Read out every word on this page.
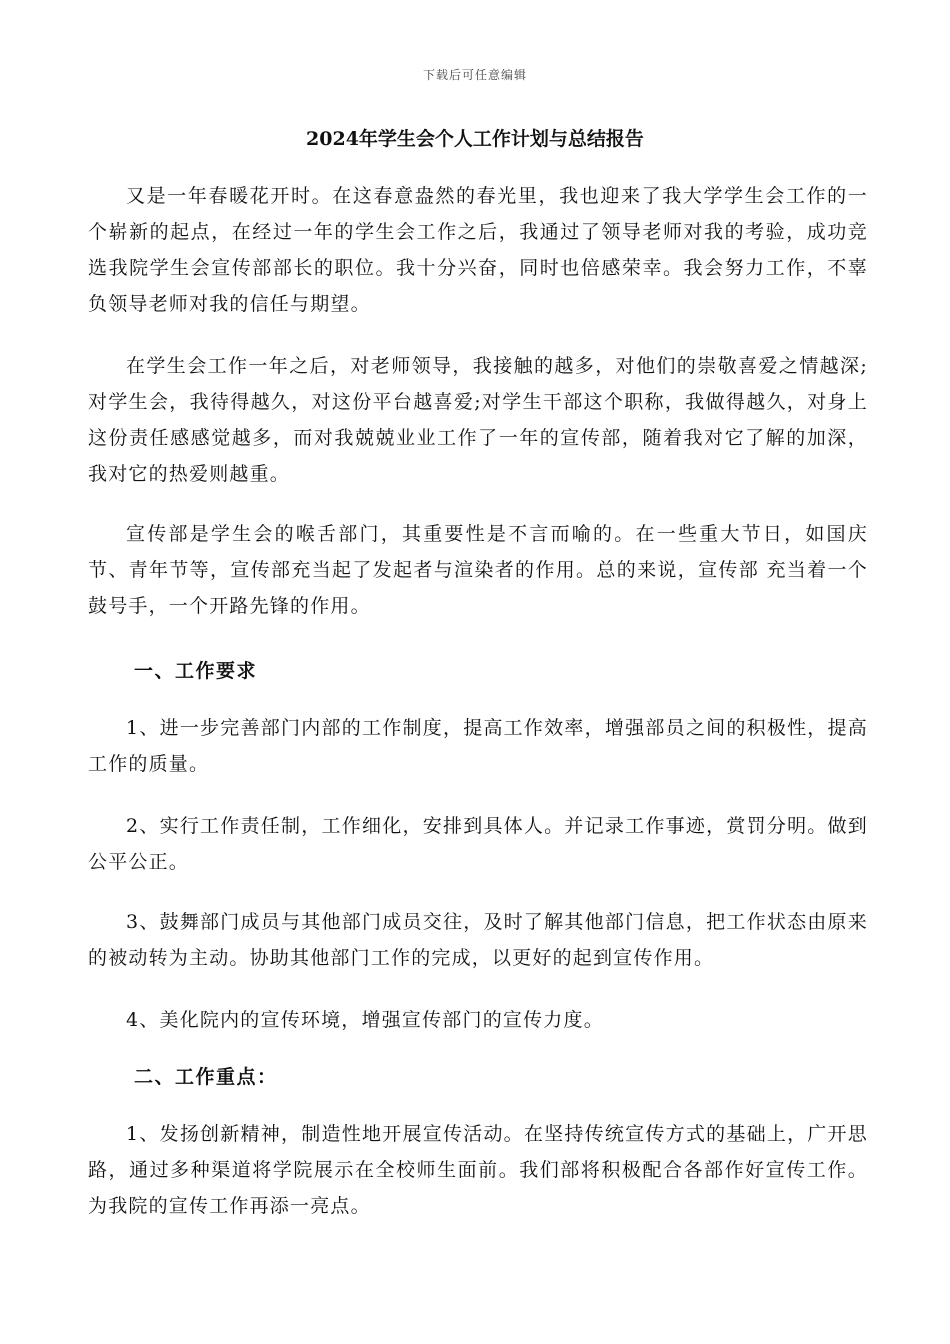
下载后可任意编辑
2024年学生会个人工作计划与总结报告

又是一年春暖花开时。在这春意盎然的春光里，我也迎来了我大学学生会工作的一个崭新的起点，在经过一年的学生会工作之后，我通过了领导老师对我的考验，成功竞选我院学生会宣传部部长的职位。我十分兴奋，同时也倍感荣幸。我会努力工作，不辜负领导老师对我的信任与期望。

在学生会工作一年之后，对老师领导，我接触的越多，对他们的崇敬喜爱之情越深;对学生会，我待得越久，对这份平台越喜爱;对学生干部这个职称，我做得越久，对身上这份责任感感觉越多，而对我兢兢业业工作了一年的宣传部，随着我对它了解的加深，我对它的热爱则越重。

宣传部是学生会的喉舌部门，其重要性是不言而喻的。在一些重大节日，如国庆节、青年节等，宣传部充当起了发起者与渲染者的作用。总的来说，宣传部 充当着一个鼓号手，一个开路先锋的作用。

一、工作要求

1、进一步完善部门内部的工作制度，提高工作效率，增强部员之间的积极性，提高工作的质量。

2、实行工作责任制，工作细化，安排到具体人。并记录工作事迹，赏罚分明。做到公平公正。

3、鼓舞部门成员与其他部门成员交往，及时了解其他部门信息，把工作状态由原来的被动转为主动。协助其他部门工作的完成，以更好的起到宣传作用。

4、美化院内的宣传环境，增强宣传部门的宣传力度。

二、工作重点：

1、发扬创新精神，制造性地开展宣传活动。在坚持传统宣传方式的基础上，广开思路，通过多种渠道将学院展示在全校师生面前。我们部将积极配合各部作好宣传工作。为我院的宣传工作再添一亮点。
